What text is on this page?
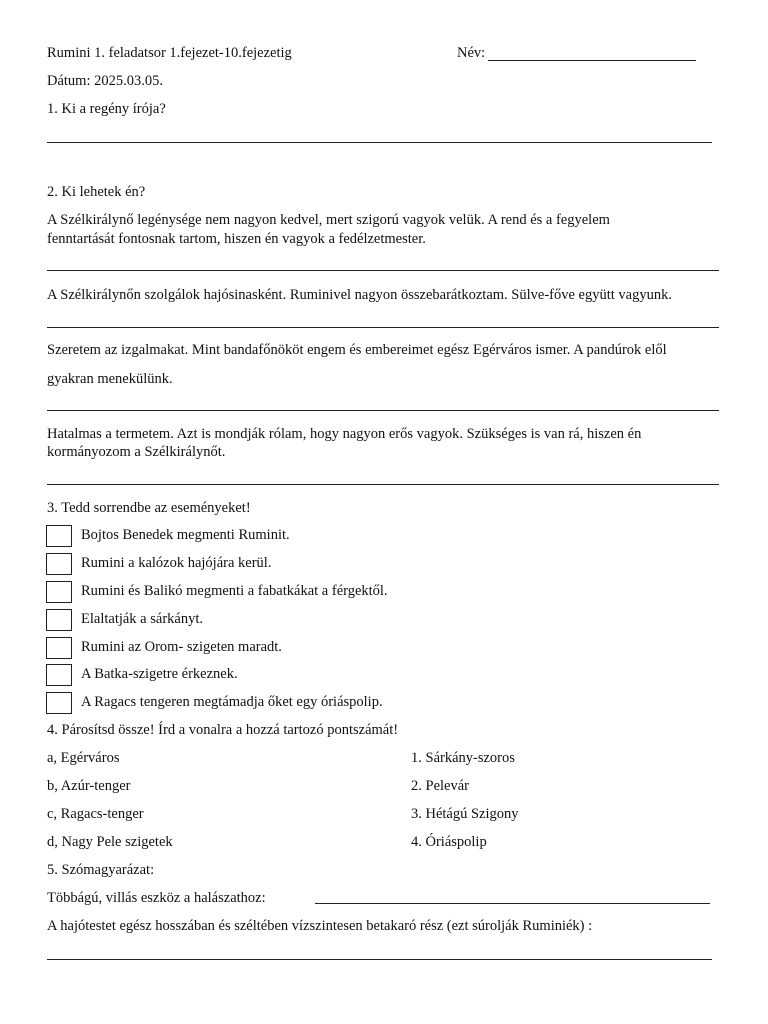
Rumini 1. feladatsor 1.fejezet-10.fejezetig	Név:
Dátum: 2025.03.05.
1. Ki a regény írója?
2. Ki lehetek én?
A Szélkirálynő legénysége nem nagyon kedvel, mert szigorú vagyok velük. A rend és a fegyelem
fenntartását fontosnak tartom, hiszen én vagyok a fedélzetmester.
A Szélkirálynőn szolgálok hajósinasként. Ruminivel nagyon összebarátkoztam. Sülve-főve együtt vagyunk.
Szeretem az izgalmakat. Mint bandafőnököt engem és embereimet egész Egérváros ismer. A pandúrok elől
gyakran menekülünk.
Hatalmas a termetem. Azt is mondják rólam, hogy nagyon erős vagyok. Szükséges is van rá, hiszen én
kormányozom a Szélkirálynőt.
3. Tedd sorrendbe az eseményeket!
Bojtos Benedek megmenti Ruminit.
Rumini a kalózok hajójára kerül.
Rumini és Balikó megmenti a fabatkákat a férgektől.
Elaltatják a sárkányt.
Rumini az Orom- szigeten maradt.
A Batka-szigetre érkeznek.
A Ragacs tengeren megtámadja őket egy óriáspolip.
4. Párosítsd össze! Írd a vonalra a hozzá tartozó pontszámát!
a, Egérváros	1. Sárkány-szoros
b, Azúr-tenger	2. Pelevár
c, Ragacs-tenger	3. Hétágú Szigony
d, Nagy Pele szigetek	4. Óriáspolip
5. Szómagyarázat:
Többágú, villás eszköz a halászathoz:
A hajótestet egész hosszában és széltében vízszintesen betakaró rész (ezt súrolják Ruminiék) :
